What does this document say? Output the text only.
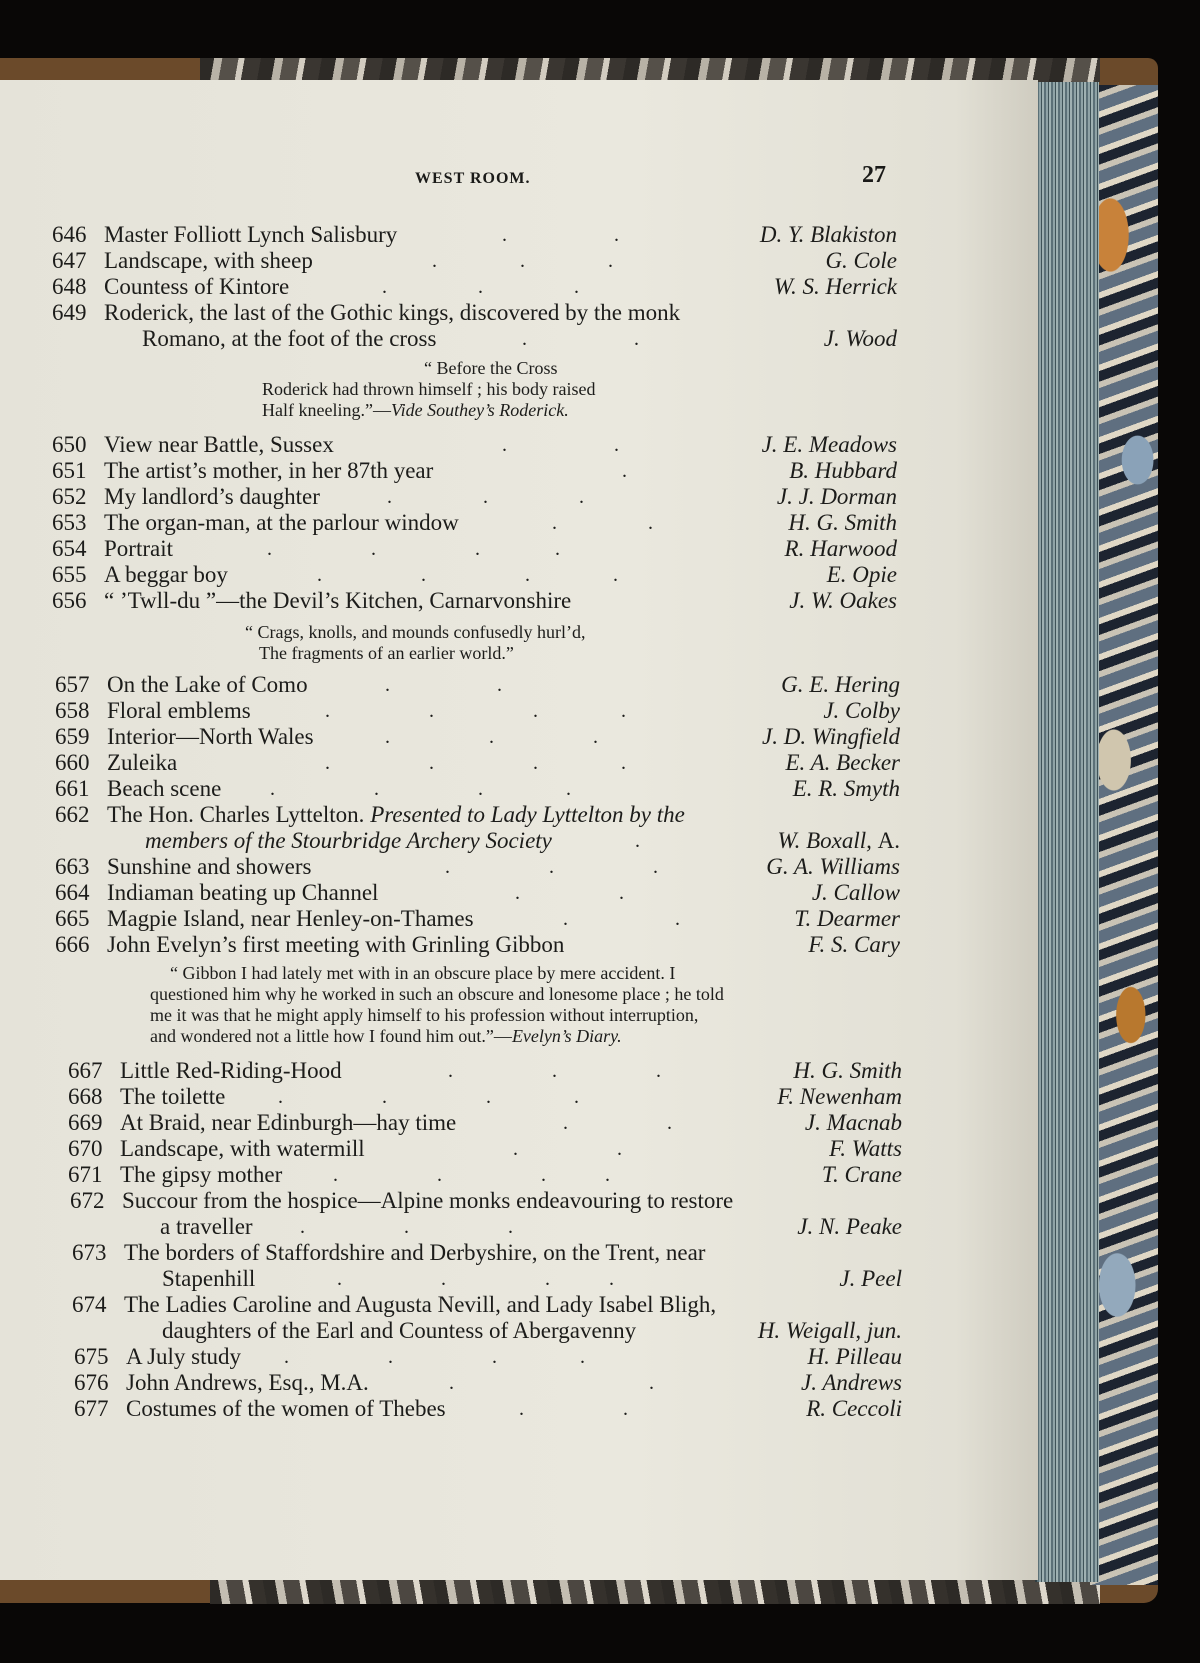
WEST ROOM.	27
646 Master Folliott Lynch Salisbury	.             .	D. Y. Blakiston
647 Landscape, with sheep	.          .          .	G. Cole
648 Countess of Kintore	.           .           .	W. S. Herrick
649 Roderick, the last of the Gothic kings, discovered by the monk
Romano, at the foot of the cross	.             .	J. Wood
“ Before the Cross
Roderick had thrown himself ; his body raised
Half kneeling.”—Vide Southey’s Roderick.
650 View near Battle, Sussex	.             .	J. E. Meadows
651 The artist’s mother, in her 87th year	.	B. Hubbard
652 My landlord’s daughter	.           .           .	J. J. Dorman
653 The organ-man, at the parlour window	.           .	H. G. Smith
654 Portrait	.            .            .         .	R. Harwood
655 A beggar boy	.            .            .          .	E. Opie
656 “ ’Twll-du ”—the Devil’s Kitchen, Carnarvonshire	J. W. Oakes
“ Crags, knolls, and mounds confusedly hurl’d,
The fragments of an earlier world.”
657 On the Lake of Como	.             .	G. E. Hering
658 Floral emblems	.            .            .          .	J. Colby
659 Interior—North Wales	.            .            .	J. D. Wingfield
660 Zuleika	.            .            .          .	E. A. Becker
661 Beach scene .            .            .          .	E. R. Smyth
662 The Hon. Charles Lyttelton. Presented to Lady Lyttelton by the
members of the Stourbridge Archery Society	.	W. Boxall, A.
663 Sunshine and showers	.            .            .	G. A. Williams
664 Indiaman beating up Channel	.            .	J. Callow
665 Magpie Island, near Henley-on-Thames	.             .	T. Dearmer
666 John Evelyn’s first meeting with Grinling Gibbon	F. S. Cary
“ Gibbon I had lately met with in an obscure place by mere accident. I
questioned him why he worked in such an obscure and lonesome place ; he told
me it was that he might apply himself to his profession without interruption,
and wondered not a little how I found him out.”—Evelyn’s Diary.
667 Little Red-Riding-Hood	.            .            .	H. G. Smith
668 The toilette	.            .            .          .	F. Newenham
669 At Braid, near Edinburgh—hay time	.            .	J. Macnab
670 Landscape, with watermill	.            .	F. Watts
671 The gipsy mother	.            .            .       .	T. Crane
672 Succour from the hospice—Alpine monks endeavouring to restore
a traveller .            .            .	J. N. Peake
673 The borders of Staffordshire and Derbyshire, on the Trent, near
Stapenhill	.            .            .       .	J. Peel
674 The Ladies Caroline and Augusta Nevill, and Lady Isabel Bligh,
daughters of the Earl and Countess of Abergavenny	H. Weigall, jun.
675 A July study .            .            .          .	H. Pilleau
676 John Andrews, Esq., M.A.	.                        .	J. Andrews
677 Costumes of the women of Thebes	.            .	R. Ceccoli
